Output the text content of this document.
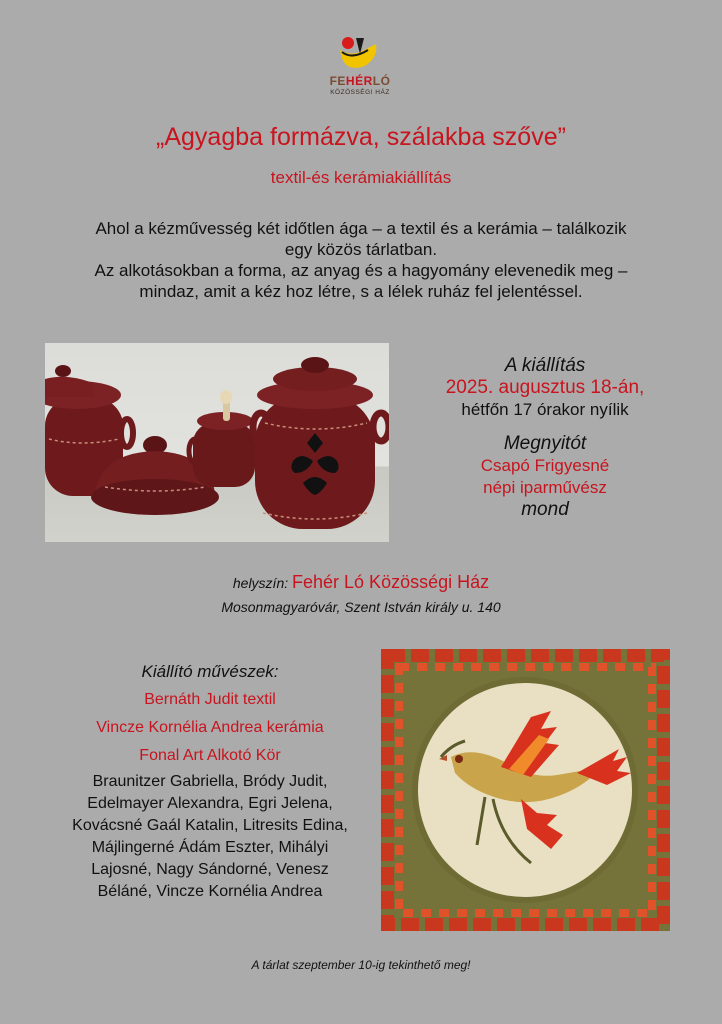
FEHÉRLÓ
KÖZÖSSÉGI HÁZ
„Agyagba formázva, szálakba szőve”
textil-és kerámiakiállítás
Ahol a kézművesség két időtlen ága – a textil és a kerámia – találkozik
egy közös tárlatban.
Az alkotásokban a forma, az anyag és a hagyomány elevenedik meg –
mindaz, amit a kéz hoz létre, s a lélek ruház fel jelentéssel.
A kiállítás
2025. augusztus 18-án,
hétfőn 17 órakor nyílik
Megnyitót
Csapó Frigyesné
népi iparművész
mond
helyszín: Fehér Ló Közösségi Ház
Mosonmagyaróvár, Szent István király u. 140
Kiállító művészek:
Bernáth Judit textil
Vincze Kornélia Andrea kerámia
Fonal Art Alkotó Kör
Braunitzer Gabriella, Bródy Judit,
Edelmayer Alexandra, Egri Jelena,
Kovácsné Gaál Katalin, Litresits Edina,
Májlingerné Ádám Eszter, Mihályi
Lajosné, Nagy Sándorné, Venesz
Béláné, Vincze Kornélia Andrea
A tárlat szeptember 10-ig tekinthető meg!
